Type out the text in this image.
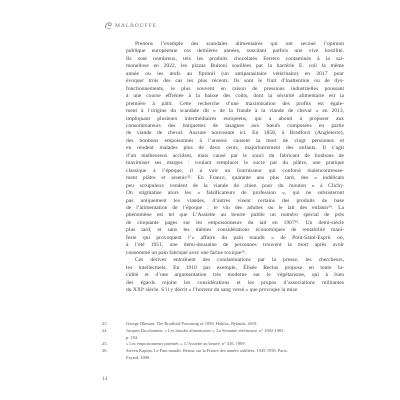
MALBOUFFE
Prenons l’exemple des scandales alimentaires qui ont secoué l’opinion
publique européenne ces dernières années, suscitant parfois une vive hostilité.
Ils sont nombreux, tels les produits chocolatés Ferrero contaminés à la sal-
monellose en 2022, les pizzas Buitoni souillées par la bactérie E. coli la même
année ou les œufs au fipronil (un antiparasitaire vétérinaire) en 2017 pour
évoquer trois des cas les plus récents. Ils sont le fruit d’inattention ou de dys-
fonctionnements, le plus souvent en raison de pressions industrielles poussant
à une course effrénée à la baisse des coûts, dont la sécurité alimentaire est la
première à pâtir. Cette recherche d’une maximisation des profits est égale-
ment à l’origine du scandale dit « de la fraude à la viande de cheval » en 2013,
impliquant plusieurs intermédiaires européens, qui a abouti à proposer aux
consommateurs des barquettes de lasagnes aux bœufs composées en partie
de viande de cheval. Aucune nouveauté ici. En 1858, à Bradford (Angleterre),
des bonbons empoisonnés à l’arsenic causent la mort de vingt personnes et
en rendent malades plus de deux cents, majoritairement des enfants. Il s’agit
d’un malheureux accident, mais causé par le souci du fabricant de bonbons de
maximiser ses marges : voulant remplacer le sucre par du plâtre, une pratique
classique à l’époque, il a voir un fournisseur qui confond malencontreuse-
ment plâtre et arsenic²³. En France, quarante ans plus tard, des « indélicats
peu scrupuleux vendent de la viande de chien pour du mouton » à Clichy.
On stigmatise alors les « falsificateurs de profession », qui ne subsisteront
pas uniquement les viandes, d’autres visent certains des produits de base
de l’alimentation de l’époque : le vin des adultes ou le lait des enfants²⁴. La
phénomène est tel que L’Assiette au beurre publie un numéro spécial de près
de cinquante pages sur les empoisonneurs du lait en 1907²⁵. Un demi-siècle
plus tard, et sans les mêmes considérations économiques de rentabilité mani-
feste qui provoquent l’« affaire du pain maudit » de Pont-Saint-Esprit où,
à l’été 1951, une demi-douzaine de personnes trouvent la mort après avoir
consommé un pain fabriqué avec une farine toxique²⁶.
Ces dérives entraînent des condamnations par la presse, les chercheurs,
les intellectuels. En 1910 par exemple, Élisée Reclus propose en toute lu-
cidité et d’une argumentation très moderne sur le végétarisme, qui à bien
des égards rejoint les considérations et les propos d’associations militantes
du XXIᵉ siècle. S’il y décrit « l’horreur du sang versé » que provoque la mise
23.	George Dhesian, The Bradford Poisoning of 1858, Halifax, Rylands, 2019.
24.	Jacques Drochamme, « Les fraudes alimentaires », La Semaine vétérinaire, n° 1902-1903,
p. 184.
25.	« Les empoisonneurs patentés », L’Assiette au beurre, n° 416, 1909.
26.	Steven Kaplan, Le Pain maudit. Retour sur la France des années oubliées, 1945-1958, Paris,
Fayard, 2008.
14
